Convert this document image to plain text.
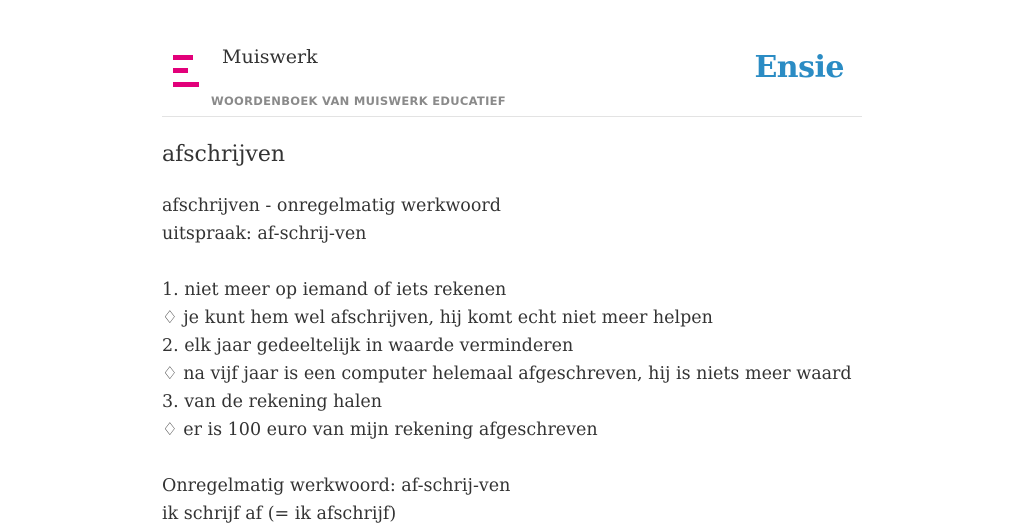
Muiswerk
WOORDENBOEK VAN MUISWERK EDUCATIEF
Ensie
afschrijven
afschrijven - onregelmatig werkwoord
uitspraak: af-schrij-ven
1. niet meer op iemand of iets rekenen
♢ je kunt hem wel afschrijven, hij komt echt niet meer helpen
2. elk jaar gedeeltelijk in waarde verminderen
♢ na vijf jaar is een computer helemaal afgeschreven, hij is niets meer waard
3. van de rekening halen
♢ er is 100 euro van mijn rekening afgeschreven
Onregelmatig werkwoord: af-schrij-ven
ik schrijf af (= ik afschrijf)
